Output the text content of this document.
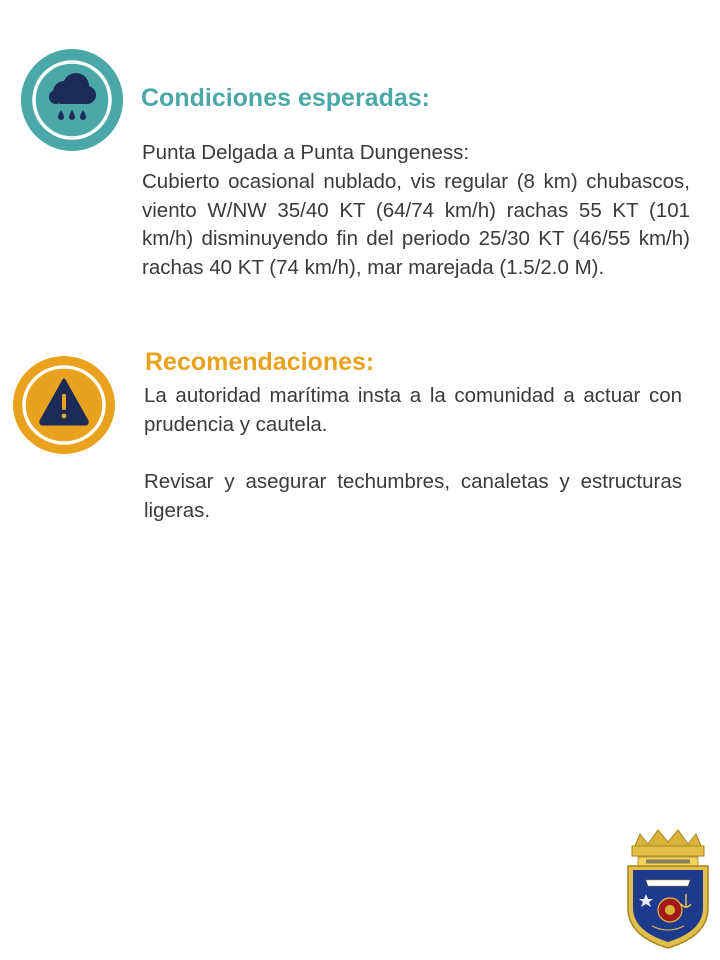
Condiciones esperadas:

Punta Delgada a Punta Dungeness:

Cubierto ocasional nublado, vis regular (8 km) chubascos, viento W/NW 35/40 KT (64/74 km/h) rachas 55 KT (101 km/h) disminuyendo fin del periodo 25/30 KT (46/55 km/h) rachas 40 KT (74 km/h), mar marejada (1.5/2.0 M).

Recomendaciones:

La autoridad marítima insta a la comunidad a actuar con prudencia y cautela.

Revisar y asegurar techumbres, canaletas y estructuras ligeras.
